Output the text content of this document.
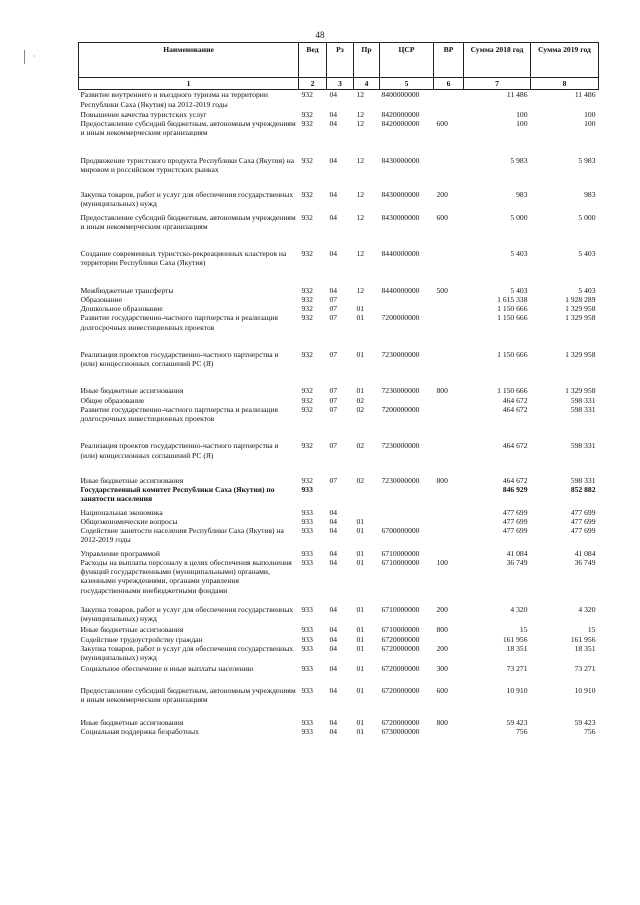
48
·
Наименование	Вед	Рз	Пр	ЦСР	ВР	Сумма 2018 год	Сумма 2019 год
1	2	3	4	5	6	7	8
Развитие внутреннего и въездного туризма на территории Республики Саха (Якутия) на 2012-2019 годы	932	04	12	8400000000		11 486	11 486

Повышение качества туристских услуг	932	04	12	8420000000		100	100
Предоставление субсидий бюджетным, автономным учреждениям и иным некоммерческим организациям	932	04	12	8420000000	600	100	100

Продвижение туристского продукта Республики Саха (Якутия) на мировом и российском туристских рынках	932	04	12	8430000000		5 983	5 983

Закупка товаров, работ и услуг для обеспечения государственных (муниципальных) нужд	932	04	12	8430000000	200	983	983

Предоставление субсидий бюджетным, автономным учреждениям и иным некоммерческим организациям	932	04	12	8430000000	600	5 000	5 000

Создание современных туристско-рекреационных кластеров на территории Республики Саха (Якутия)	932	04	12	8440000000		5 403	5 403

Межбюджетные трансферты	932	04	12	8440000000	500	5 403	5 403
Образование	932	07				1 615 338	1 928 289
Дошкольное образование	932	07	01			1 150 666	1 329 958
Развитие государственно-частного партнерства и реализация долгосрочных инвестиционных проектов	932	07	01	7200000000		1 150 666	1 329 958

Реализация проектов государственно-частного партнерства и (или) концессионных соглашений РС (Я)	932	07	01	7230000000		1 150 666	1 329 958

Иные бюджетные ассигнования	932	07	01	7230000000	800	1 150 666	1 329 958
Общее образование	932	07	02			464 672	598 331
Развитие государственно-частного партнерства и реализация долгосрочных инвестиционных проектов	932	07	02	7200000000		464 672	598 331

Реализация проектов государственно-частного партнерства и (или) концессионных соглашений РС (Я)	932	07	02	7230000000		464 672	598 331

Иные бюджетные ассигнования	932	07	02	7230000000	800	464 672	598 331
Государственный комитет Республики Саха (Якутия) по занятости населения	933					846 929	852 882

Национальная экономика	933	04				477 699	477 699
Общеэкономические вопросы	933	04	01			477 699	477 699
Содействие занятости населения Республики Саха (Якутия) на 2012-2019 годы	933	04	01	6700000000		477 699	477 699

Управление программой	933	04	01	6710000000		41 084	41 084
Расходы на выплаты персоналу в целях обеспечения выполнения функций государственными (муниципальными) органами, казенными учреждениями, органами управления государственными внебюджетными фондами	933	04	01	6710000000	100	36 749	36 749

Закупка товаров, работ и услуг для обеспечения государственных (муниципальных) нужд	933	04	01	6710000000	200	4 320	4 320

Иные бюджетные ассигнования	933	04	01	6710000000	800	15	15
Содействие трудоустройству граждан	933	04	01	6720000000		161 956	161 956
Закупка товаров, работ и услуг для обеспечения государственных (муниципальных) нужд	933	04	01	6720000000	200	18 351	18 351

Социальное обеспечение и иные выплаты населению	933	04	01	6720000000	300	73 271	73 271

Предоставление субсидий бюджетным, автономным учреждениям и иным некоммерческим организациям	933	04	01	6720000000	600	10 910	10 910

Иные бюджетные ассигнования	933	04	01	6720000000	800	59 423	59 423
Социальная поддержка безработных	933	04	01	6730000000		756	756
